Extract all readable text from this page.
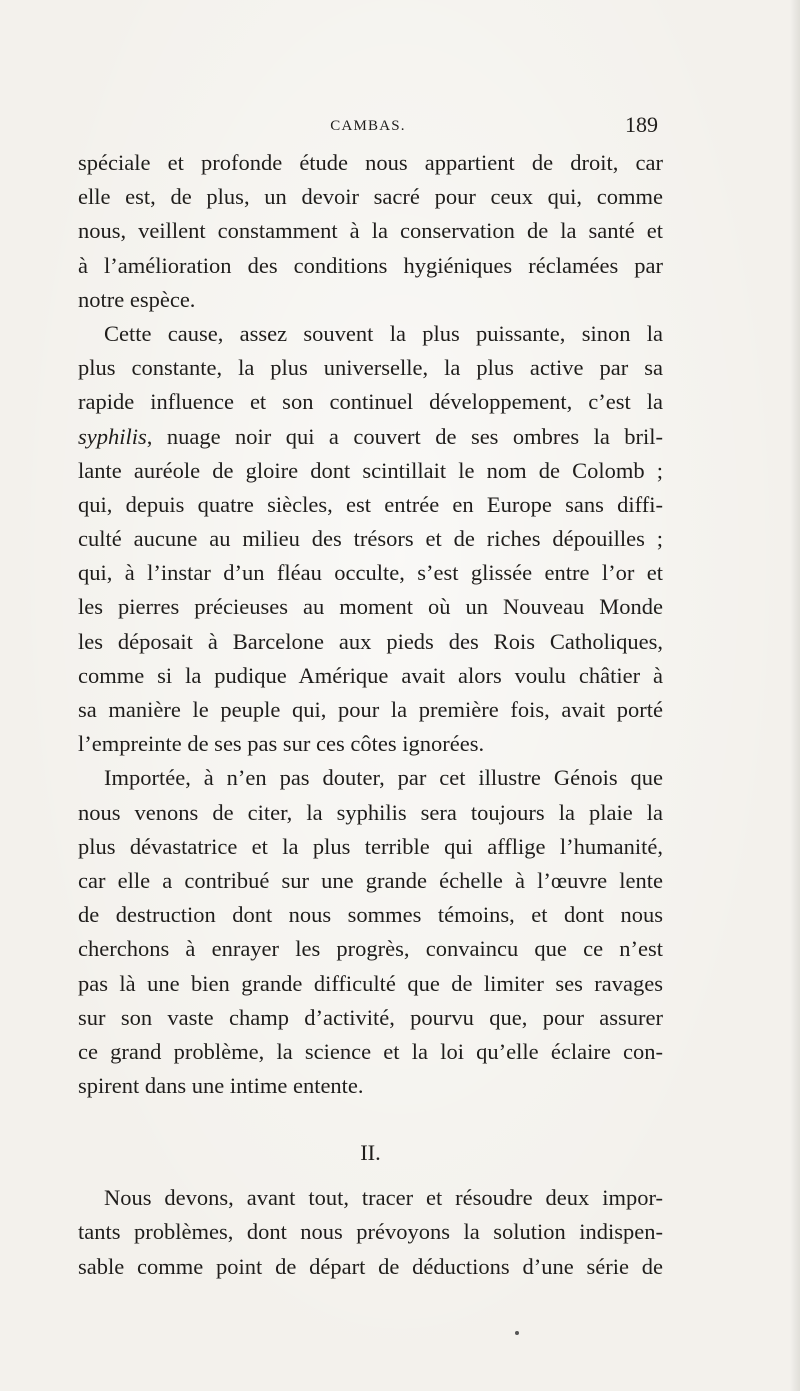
CAMBAS.	189
spéciale et profonde étude nous appartient de droit, car
elle est, de plus, un devoir sacré pour ceux qui, comme
nous, veillent constamment à la conservation de la santé et
à l’amélioration des conditions hygiéniques réclamées par
notre espèce.
Cette cause, assez souvent la plus puissante, sinon la
plus constante, la plus universelle, la plus active par sa
rapide influence et son continuel développement, c’est la
syphilis, nuage noir qui a couvert de ses ombres la bril-
lante auréole de gloire dont scintillait le nom de Colomb ;
qui, depuis quatre siècles, est entrée en Europe sans diffi-
culté aucune au milieu des trésors et de riches dépouilles ;
qui, à l’instar d’un fléau occulte, s’est glissée entre l’or et
les pierres précieuses au moment où un Nouveau Monde
les déposait à Barcelone aux pieds des Rois Catholiques,
comme si la pudique Amérique avait alors voulu châtier à
sa manière le peuple qui, pour la première fois, avait porté
l’empreinte de ses pas sur ces côtes ignorées.
Importée, à n’en pas douter, par cet illustre Génois que
nous venons de citer, la syphilis sera toujours la plaie la
plus dévastatrice et la plus terrible qui afflige l’humanité,
car elle a contribué sur une grande échelle à l’œuvre lente
de destruction dont nous sommes témoins, et dont nous
cherchons à enrayer les progrès, convaincu que ce n’est
pas là une bien grande difficulté que de limiter ses ravages
sur son vaste champ d’activité, pourvu que, pour assurer
ce grand problème, la science et la loi qu’elle éclaire con-
spirent dans une intime entente.
II.
Nous devons, avant tout, tracer et résoudre deux impor-
tants problèmes, dont nous prévoyons la solution indispen-
sable comme point de départ de déductions d’une série de
